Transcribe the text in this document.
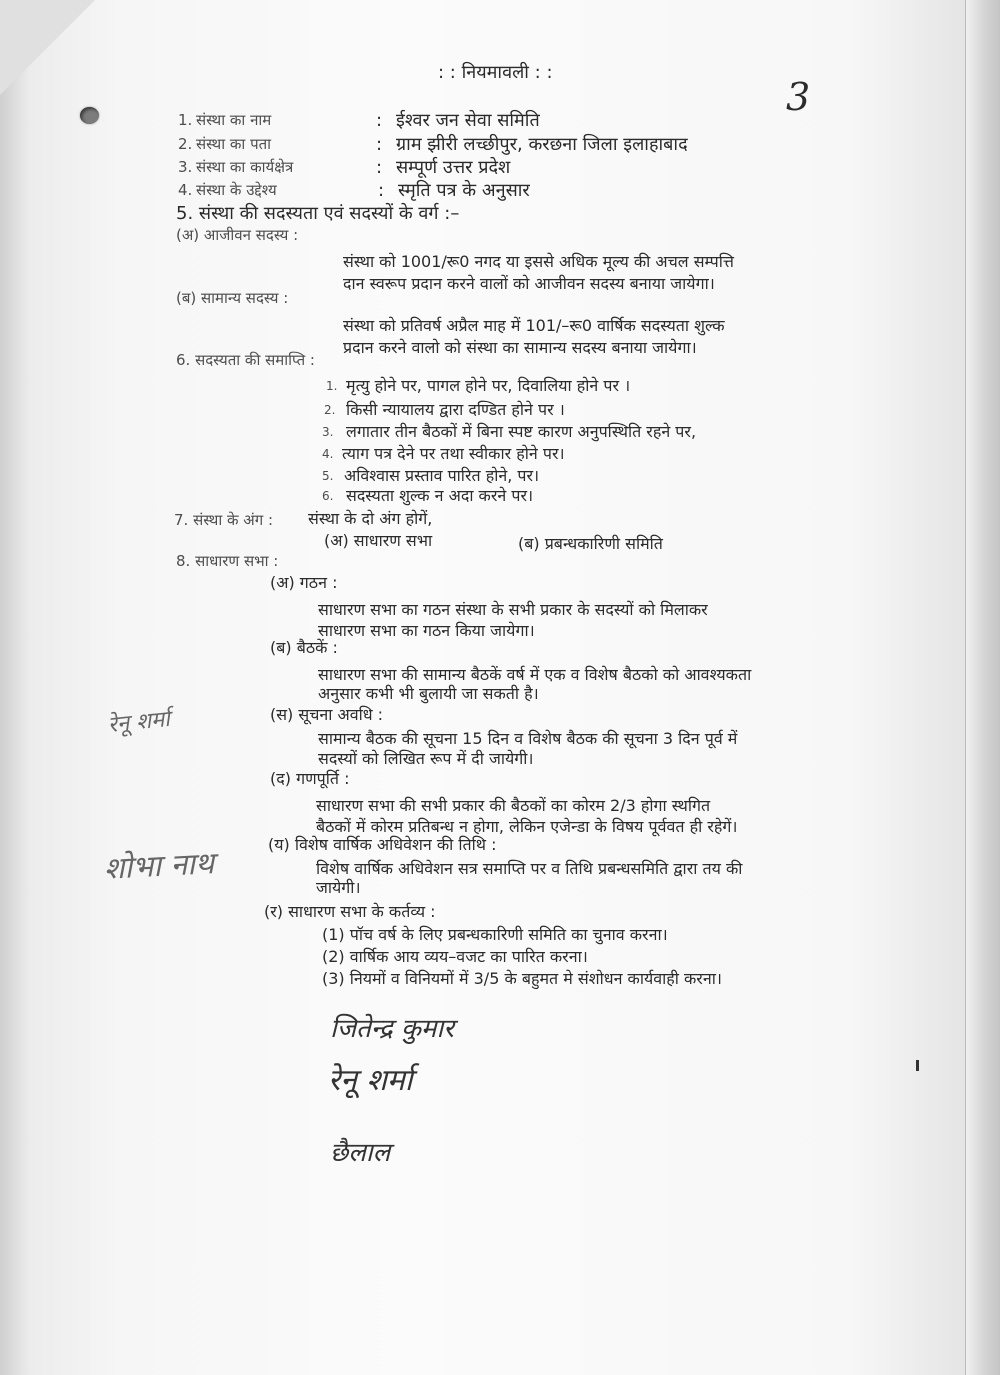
: : नियमावली : :
3
1. संस्था का नाम	: ईश्वर जन सेवा समिति
2. संस्था का पता	: ग्राम झीरी लच्छीपुर, करछना जिला इलाहाबाद
3. संस्था का कार्यक्षेत्र	: सम्पूर्ण उत्तर प्रदेश
4. संस्था के उद्देश्य	: स्मृति पत्र के अनुसार
5. संस्था की सदस्यता एवं सदस्यों के वर्ग :–
(अ) आजीवन सदस्य :
संस्था को 1001/रू0 नगद या इससे अधिक मूल्य की अचल सम्पत्ति
दान स्वरूप प्रदान करने वालों को आजीवन सदस्य बनाया जायेगा।
(ब) सामान्य सदस्य :
संस्था को प्रतिवर्ष अप्रैल माह में 101/–रू0 वार्षिक सदस्यता शुल्क
प्रदान करने वालो को संस्था का सामान्य सदस्य बनाया जायेगा।
6. सदस्यता की समाप्ति :
1. मृत्यु होने पर, पागल होने पर, दिवालिया होने पर ।
2. किसी न्यायालय द्वारा दण्डित होने पर ।
3. लगातार तीन बैठकों में बिना स्पष्ट कारण अनुपस्थिति रहने पर,
4. त्याग पत्र देने पर तथा स्वीकार होने पर।
5. अविश्वास प्रस्ताव पारित होने, पर।
6. सदस्यता शुल्क न अदा करने पर।
7. संस्था के अंग : संस्था के दो अंग होगें,
(अ) साधारण सभा	(ब) प्रबन्धकारिणी समिति
8. साधारण सभा :
(अ) गठन :
साधारण सभा का गठन संस्था के सभी प्रकार के सदस्यों को मिलाकर
साधारण सभा का गठन किया जायेगा।
(ब) बैठकें :
साधारण सभा की सामान्य बैठकें वर्ष में एक व विशेष बैठको को आवश्यकता
अनुसार कभी भी बुलायी जा सकती है।
(स) सूचना अवधि :
सामान्य बैठक की सूचना 15 दिन व विशेष बैठक की सूचना 3 दिन पूर्व में
सदस्यों को लिखित रूप में दी जायेगी।
(द) गणपूर्ति :
साधारण सभा की सभी प्रकार की बैठकों का कोरम 2/3 होगा स्थगित
बैठकों में कोरम प्रतिबन्ध न होगा, लेकिन एजेन्डा के विषय पूर्ववत ही रहेगें।
(य) विशेष वार्षिक अधिवेशन की तिथि :
विशेष वार्षिक अधिवेशन सत्र समाप्ति पर व तिथि प्रबन्धसमिति द्वारा तय की
जायेगी।
(र) साधारण सभा के कर्तव्य :
(1) पॉच वर्ष के लिए प्रबन्धकारिणी समिति का चुनाव करना।
(2) वार्षिक आय व्यय–वजट का पारित करना।
(3) नियमों व विनियमों में 3/5 के बहुमत मे संशोधन कार्यवाही करना।
रेनू शर्मा
शोभा नाथ
जितेन्द्र कुमार
रेनू शर्मा
छैलाल
